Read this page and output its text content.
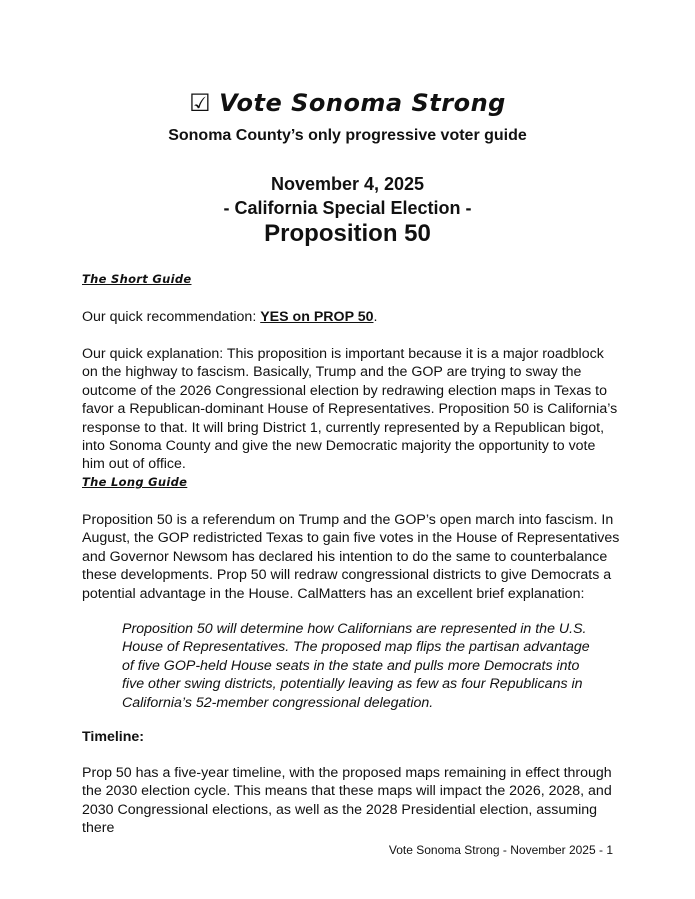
☑ Vote Sonoma Strong
Sonoma County’s only progressive voter guide
November 4, 2025
- California Special Election -
Proposition 50
The Short Guide

Our quick recommendation: YES on PROP 50.

Our quick explanation: This proposition is important because it is a major roadblock on the highway to fascism. Basically, Trump and the GOP are trying to sway the outcome of the 2026 Congressional election by redrawing election maps in Texas to favor a Republican-dominant House of Representatives. Proposition 50 is California’s response to that. It will bring District 1, currently represented by a Republican bigot, into Sonoma County and give the new Democratic majority the opportunity to vote him out of office.

The Long Guide

Proposition 50 is a referendum on Trump and the GOP’s open march into fascism. In August, the GOP redistricted Texas to gain five votes in the House of Representatives and Governor Newsom has declared his intention to do the same to counterbalance these developments. Prop 50 will redraw congressional districts to give Democrats a potential advantage in the House. CalMatters has an excellent brief explanation:

Proposition 50 will determine how Californians are represented in the U.S. House of Representatives. The proposed map flips the partisan advantage of five GOP-held House seats in the state and pulls more Democrats into five other swing districts, potentially leaving as few as four Republicans in California’s 52-member congressional delegation.

Timeline:

Prop 50 has a five-year timeline, with the proposed maps remaining in effect through the 2030 election cycle. This means that these maps will impact the 2026, 2028, and 2030 Congressional elections, as well as the 2028 Presidential election, assuming there

Vote Sonoma Strong - November 2025 - 1
